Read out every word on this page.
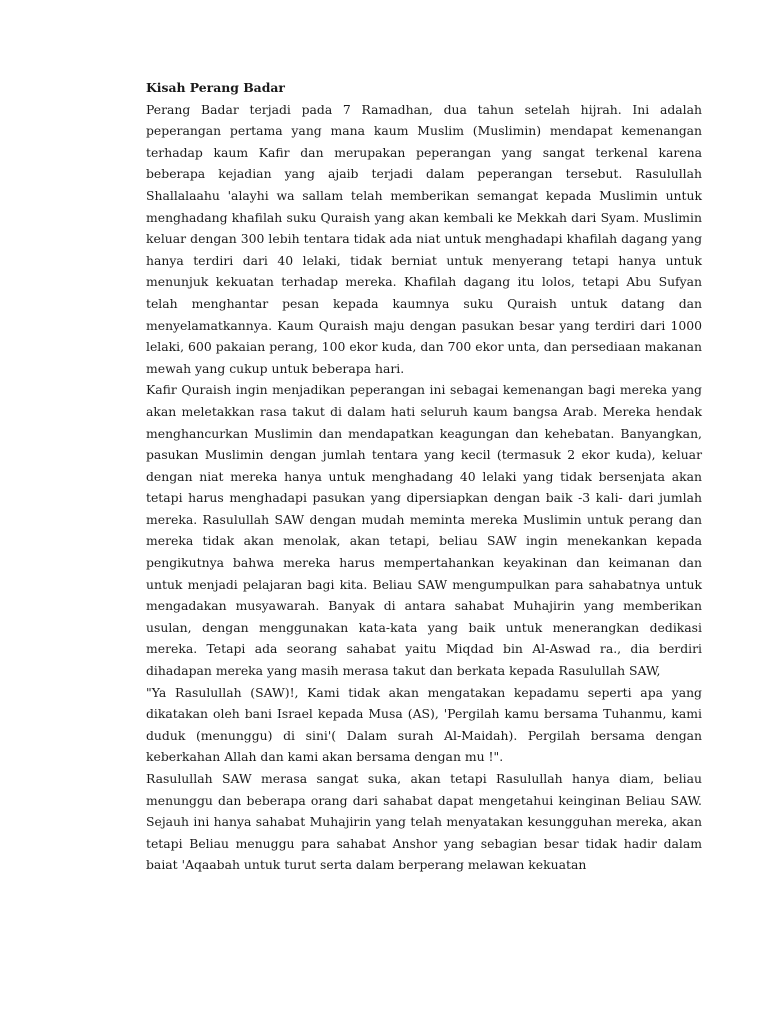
Kisah Perang Badar
Perang Badar terjadi pada 7 Ramadhan, dua tahun setelah hijrah. Ini adalah peperangan pertama yang mana kaum Muslim (Muslimin) mendapat kemenangan terhadap kaum Kafir dan merupakan peperangan yang sangat terkenal karena beberapa kejadian yang ajaib terjadi dalam peperangan tersebut. Rasulullah Shallalaahu 'alayhi wa sallam telah memberikan semangat kepada Muslimin untuk menghadang khafilah suku Quraish yang akan kembali ke Mekkah dari Syam. Muslimin keluar dengan 300 lebih tentara tidak ada niat untuk menghadapi khafilah dagang yang hanya terdiri dari 40 lelaki, tidak berniat untuk menyerang tetapi hanya untuk menunjuk kekuatan terhadap mereka. Khafilah dagang itu lolos, tetapi Abu Sufyan telah menghantar pesan kepada kaumnya suku Quraish untuk datang dan menyelamatkannya. Kaum Quraish maju dengan pasukan besar yang terdiri dari 1000 lelaki, 600 pakaian perang, 100 ekor kuda, dan 700 ekor unta, dan persediaan makanan mewah yang cukup untuk beberapa hari.
Kafir Quraish ingin menjadikan peperangan ini sebagai kemenangan bagi mereka yang akan meletakkan rasa takut di dalam hati seluruh kaum bangsa Arab. Mereka hendak menghancurkan Muslimin dan mendapatkan keagungan dan kehebatan. Banyangkan, pasukan Muslimin dengan jumlah tentara yang kecil (termasuk 2 ekor kuda), keluar dengan niat mereka hanya untuk menghadang 40 lelaki yang tidak bersenjata akan tetapi harus menghadapi pasukan yang dipersiapkan dengan baik -3 kali- dari jumlah mereka. Rasulullah SAW dengan mudah meminta mereka Muslimin untuk perang dan mereka tidak akan menolak, akan tetapi, beliau SAW ingin menekankan kepada pengikutnya bahwa mereka harus mempertahankan keyakinan dan keimanan dan untuk menjadi pelajaran bagi kita. Beliau SAW mengumpulkan para sahabatnya untuk mengadakan musyawarah. Banyak di antara sahabat Muhajirin yang memberikan usulan, dengan menggunakan kata-kata yang baik untuk menerangkan dedikasi mereka. Tetapi ada seorang sahabat yaitu Miqdad bin Al-Aswad ra., dia berdiri dihadapan mereka yang masih merasa takut dan berkata kepada Rasulullah SAW,
"Ya Rasulullah (SAW)!, Kami tidak akan mengatakan kepadamu seperti apa yang dikatakan oleh bani Israel kepada Musa (AS), 'Pergilah kamu bersama Tuhanmu, kami duduk (menunggu) di sini'( Dalam surah Al-Maidah). Pergilah bersama dengan keberkahan Allah dan kami akan bersama dengan mu !".
Rasulullah SAW merasa sangat suka, akan tetapi Rasulullah hanya diam, beliau menunggu dan beberapa orang dari sahabat dapat mengetahui keinginan Beliau SAW. Sejauh ini hanya sahabat Muhajirin yang telah menyatakan kesungguhan mereka, akan tetapi Beliau menuggu para sahabat Anshor yang sebagian besar tidak hadir dalam baiat 'Aqaabah untuk turut serta dalam berperang melawan kekuatan
